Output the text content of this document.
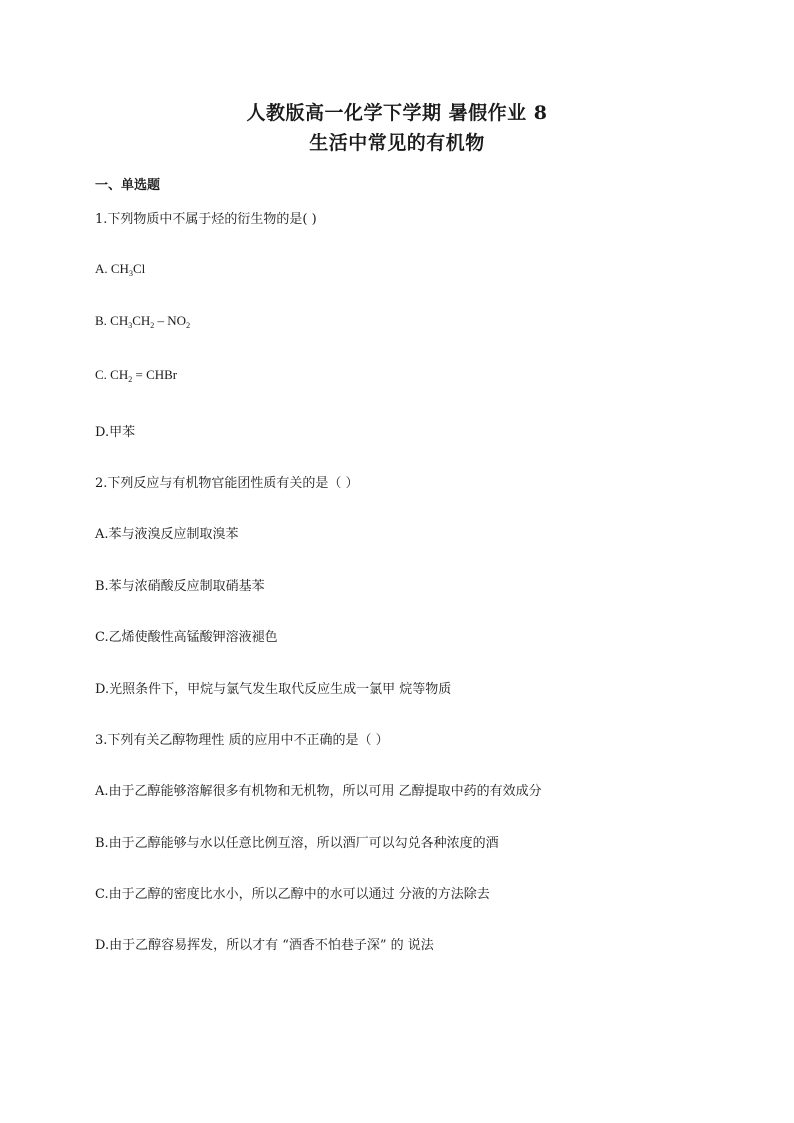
人教版高一化学下学期 暑假作业 8
生活中常见的有机物
一、单选题
1.下列物质中不属于烃的衍生物的是( )
A. $CH_3Cl$
B. $CH_3CH_2 - NO_2$
C. $CH_2$ = CHBr
D.甲苯
2.下列反应与有机物官能团性质有关的是（ ）
A.苯与液溴反应制取溴苯
B.苯与浓硝酸反应制取硝基苯
C.乙烯使酸性高锰酸钾溶液褪色
D.光照条件下，甲烷与氯气发生取代反应生成一氯甲 烷等物质
3.下列有关乙醇物理性 质的应用中不正确的是（ ）
A.由于乙醇能够溶解很多有机物和无机物，所以可用 乙醇提取中药的有效成分
B.由于乙醇能够与水以任意比例互溶，所以酒厂可以勾兑各种浓度的酒
C.由于乙醇的密度比水小，所以乙醇中的水可以通过 分液的方法除去
D.由于乙醇容易挥发，所以才有 “酒香不怕巷子深” 的 说法
